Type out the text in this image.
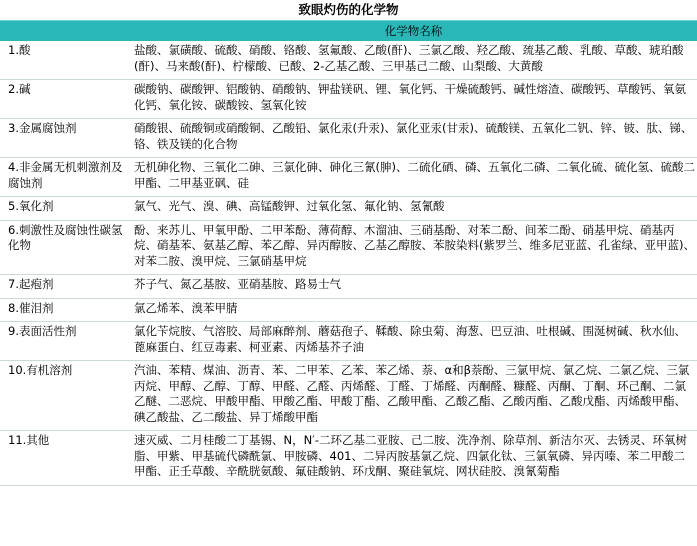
致眼灼伤的化学物
	化学物名称
1.酸	盐酸、氯磺酸、硫酸、硝酸、铬酸、氢氟酸、乙酸(酐)、三氯乙酸、羟乙酸、巯基乙酸、乳酸、草酸、琥珀酸(酐)、马来酸(酐)、柠檬酸、已酸、2-乙基乙酸、三甲基己二酸、山梨酸、大黄酸
2.碱	碳酸钠、碳酸钾、铝酸钠、硝酸钠、钾盐镁矾、锂、氧化钙、干燥硫酸钙、碱性熔渣、碳酸钙、草酸钙、氧氨化钙、氧化铵、碳酸铵、氢氧化铵
3.金属腐蚀剂	硝酸银、硫酸铜或硝酸铜、乙酸铅、氯化汞(升汞)、氯化亚汞(甘汞)、硫酸镁、五氧化二钒、锌、铍、肽、锑、铬、铁及镁的化合物
4.非金属无机刺激剂及腐蚀剂	无机砷化物、三氧化二砷、三氯化砷、砷化三氰(胂)、二硫化硒、磷、五氧化二磷、二氧化硫、硫化氢、硫酸二甲酯、二甲基亚砜、硅
5.氧化剂	氯气、光气、溴、碘、高锰酸钾、过氧化氢、氟化钠、氢氰酸
6.刺激性及腐蚀性碳氢化物	酚、来苏儿、甲氧甲酚、二甲苯酚、薄荷醇、木溜油、三硝基酚、对苯二酚、间苯二酚、硝基甲烷、硝基丙烷、硝基苯、氨基乙醇、苯乙醇、异丙醇胺、乙基乙醇胺、苯胺染料(紫罗兰、维多尼亚蓝、孔雀绿、亚甲蓝)、对苯二胺、溴甲烷、三氯硝基甲烷
7.起疱剂	芥子气、氮乙基胺、亚硝基胺、路易士气
8.催泪剂	氯乙烯苯、溴苯甲腈
9.表面活性剂	氯化苄烷胺、气溶胶、局部麻醉剂、蘑菇孢子、鞣酸、除虫菊、海葱、巴豆油、吐根碱、围涎树碱、秋水仙、蓖麻蛋白、红豆毒素、柯亚素、丙烯基芥子油
10.有机溶剂	汽油、苯精、煤油、沥青、苯、二甲苯、乙苯、苯乙烯、萘、α和β萘酚、三氯甲烷、氯乙烷、二氯乙烷、三氯丙烷、甲醇、乙醇、丁醇、甲醛、乙醛、丙烯醛、丁醛、丁烯醛、丙酮醛、糠醛、丙酮、丁酮、环己酮、二氯乙醚、二恶烷、甲酸甲酯、甲酸乙酯、甲酸丁酯、乙酸甲酯、乙酸乙酯、乙酸丙酯、乙酸戊酯、丙烯酸甲酯、碘乙酸盐、乙二酸盐、异丁烯酸甲酯
11.其他	速灭威、二月桂酸二丁基锡、N，N′-二环乙基二亚胺、己二胺、洗净剂、除草剂、新洁尔灭、去锈灵、环氧树脂、甲紫、甲基硫代磷酰氯、甲胺磷、401、二异丙胺基氯乙烷、四氯化钛、三氯氧磷、异丙嗪、苯二甲酸二甲酯、正壬草酸、辛酰胱氨酸、氟硅酸钠、环戊酮、聚硅氧烷、网状硅胶、溴氰菊酯
